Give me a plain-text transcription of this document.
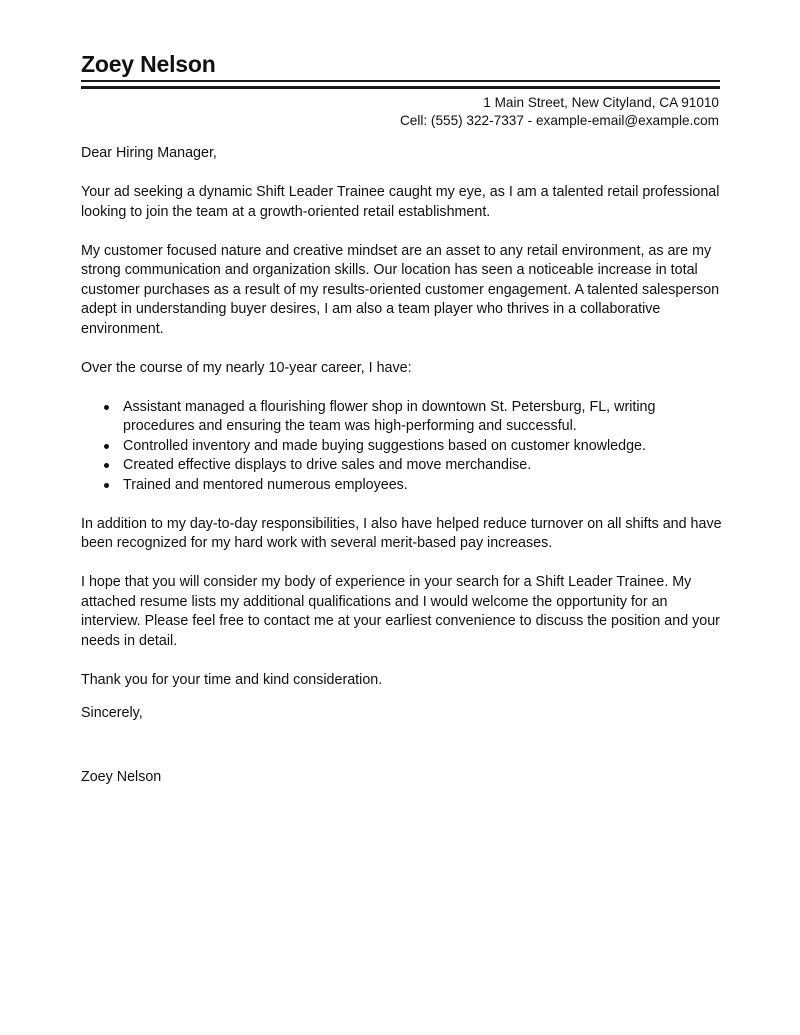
Zoey Nelson
1 Main Street, New Cityland, CA 91010
Cell: (555) 322-7337 - example-email@example.com

Dear Hiring Manager,

Your ad seeking a dynamic Shift Leader Trainee caught my eye, as I am a talented retail professional looking to join the team at a growth-oriented retail establishment.

My customer focused nature and creative mindset are an asset to any retail environment, as are my strong communication and organization skills. Our location has seen a noticeable increase in total customer purchases as a result of my results-oriented customer engagement. A talented salesperson adept in understanding buyer desires, I am also a team player who thrives in a collaborative environment.

Over the course of my nearly 10-year career, I have:

Assistant managed a flourishing flower shop in downtown St. Petersburg, FL, writing procedures and ensuring the team was high-performing and successful.
Controlled inventory and made buying suggestions based on customer knowledge.
Created effective displays to drive sales and move merchandise.
Trained and mentored numerous employees.

In addition to my day-to-day responsibilities, I also have helped reduce turnover on all shifts and have been recognized for my hard work with several merit-based pay increases.

I hope that you will consider my body of experience in your search for a Shift Leader Trainee. My attached resume lists my additional qualifications and I would welcome the opportunity for an interview. Please feel free to contact me at your earliest convenience to discuss the position and your needs in detail.

Thank you for your time and kind consideration.

Sincerely,

Zoey Nelson
